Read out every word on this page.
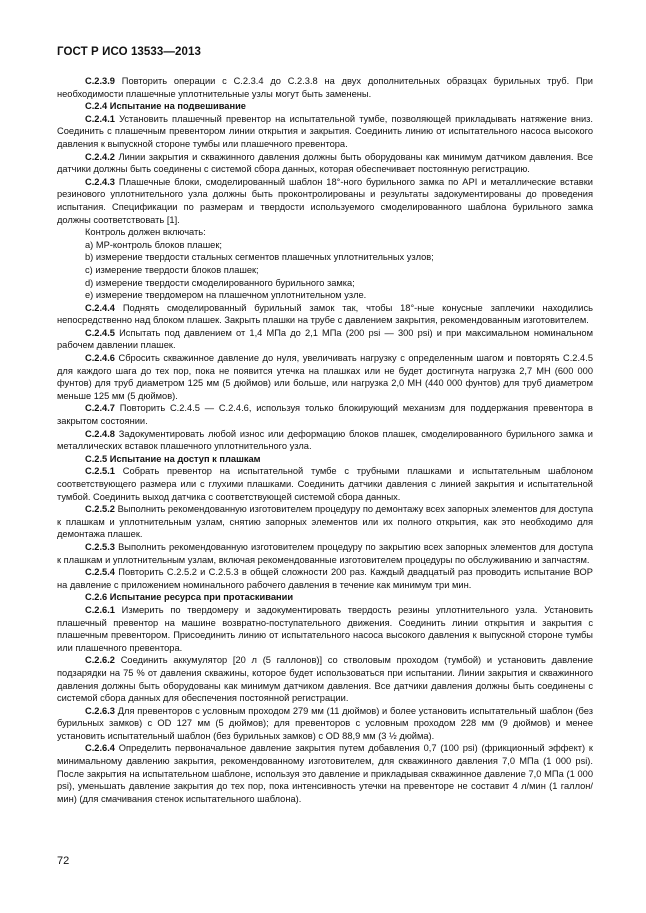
ГОСТ Р ИСО 13533—2013

C.2.3.9 Повторить операции с C.2.3.4 до C.2.3.8 на двух дополнительных образцах бурильных труб. При необходимости плашечные уплотнительные узлы могут быть заменены.

C.2.4 Испытание на подвешивание

C.2.4.1 Установить плашечный превентор на испытательной тумбе, позволяющей прикладывать натяжение вниз. Соединить с плашечным превентором линии открытия и закрытия. Соединить линию от испытательного насоса высокого давления к выпускной стороне тумбы или плашечного превентора.

C.2.4.2 Линии закрытия и скважинного давления должны быть оборудованы как минимум датчиком давления. Все датчики должны быть соединены с системой сбора данных, которая обеспечивает постоянную регистрацию.

C.2.4.3 Плашечные блоки, смоделированный шаблон 18°-ного бурильного замка по API и металлические вставки резинового уплотнительного узла должны быть проконтролированы и результаты задокументированы до проведения испытания. Спецификации по размерам и твердости используемого смоделированного шаблона бурильного замка должны соответствовать [1].

Контроль должен включать:

а) МР-контроль блоков плашек;

b) измерение твердости стальных сегментов плашечных уплотнительных узлов;

c) измерение твердости блоков плашек;

d) измерение твердости смоделированного бурильного замка;

е) измерение твердомером на плашечном уплотнительном узле.

C.2.4.4 Поднять смоделированный бурильный замок так, чтобы 18°-ные конусные заплечики находились непосредственно над блоком плашек. Закрыть плашки на трубе с давлением закрытия, рекомендованным изготовителем.

C.2.4.5 Испытать под давлением от 1,4 МПа до 2,1 МПа (200 psi — 300 psi) и при максимальном номинальном рабочем давлении плашек.

C.2.4.6 Сбросить скважинное давление до нуля, увеличивать нагрузку с определенным шагом и повторять C.2.4.5 для каждого шага до тех пор, пока не появится утечка на плашках или не будет достигнута нагрузка 2,7 МН (600 000 фунтов) для труб диаметром 125 мм (5 дюймов) или больше, или нагрузка 2,0 МН (440 000 фунтов) для труб диаметром меньше 125 мм (5 дюймов).

C.2.4.7 Повторить C.2.4.5 — C.2.4.6, используя только блокирующий механизм для поддержания превентора в закрытом состоянии.

C.2.4.8 Задокументировать любой износ или деформацию блоков плашек, смоделированного бурильного замка и металлических вставок плашечного уплотнительного узла.

C.2.5 Испытание на доступ к плашкам

C.2.5.1 Собрать превентор на испытательной тумбе с трубными плашками и испытательным шаблоном соответствующего размера или с глухими плашками. Соединить датчики давления с линией закрытия и испытательной тумбой. Соединить выход датчика с соответствующей системой сбора данных.

C.2.5.2 Выполнить рекомендованную изготовителем процедуру по демонтажу всех запорных элементов для доступа к плашкам и уплотнительным узлам, снятию запорных элементов или их полного открытия, как это необходимо для демонтажа плашек.

C.2.5.3 Выполнить рекомендованную изготовителем процедуру по закрытию всех запорных элементов для доступа к плашкам и уплотнительным узлам, включая рекомендованные изготовителем процедуры по обслуживанию и запчастям.

C.2.5.4 Повторить C.2.5.2 и C.2.5.3 в общей сложности 200 раз. Каждый двадцатый раз проводить испытание ВОР на давление с приложением номинального рабочего давления в течение как минимум три мин.

C.2.6 Испытание ресурса при протаскивании

C.2.6.1 Измерить по твердомеру и задокументировать твердость резины уплотнительного узла. Установить плашечный превентор на машине возвратно-поступательного движения. Соединить линии открытия и закрытия с плашечным превентором. Присоединить линию от испытательного насоса высокого давления к выпускной стороне тумбы или плашечного превентора.

C.2.6.2 Соединить аккумулятор [20 л (5 галлонов)] со стволовым проходом (тумбой) и установить давление подзарядки на 75 % от давления скважины, которое будет использоваться при испытании. Линии закрытия и скважинного давления должны быть оборудованы как минимум датчиком давления. Все датчики давления должны быть соединены с системой сбора данных для обеспечения постоянной регистрации.

C.2.6.3 Для превенторов с условным проходом 279 мм (11 дюймов) и более установить испытательный шаблон (без бурильных замков) с OD 127 мм (5 дюймов); для превенторов с условным проходом 228 мм (9 дюймов) и менее установить испытательный шаблон (без бурильных замков) с OD 88,9 мм (3 ½ дюйма).

C.2.6.4 Определить первоначальное давление закрытия путем добавления 0,7 (100 psi) (фрикционный эффект) к минимальному давлению закрытия, рекомендованному изготовителем, для скважинного давления 7,0 МПа (1 000 psi). После закрытия на испытательном шаблоне, используя это давление и прикладывая скважинное давление 7,0 МПа (1 000 psi), уменьшать давление закрытия до тех пор, пока интенсивность утечки на превенторе не составит 4 л/мин (1 галлон/мин) (для смачивания стенок испытательного шаблона).

72
